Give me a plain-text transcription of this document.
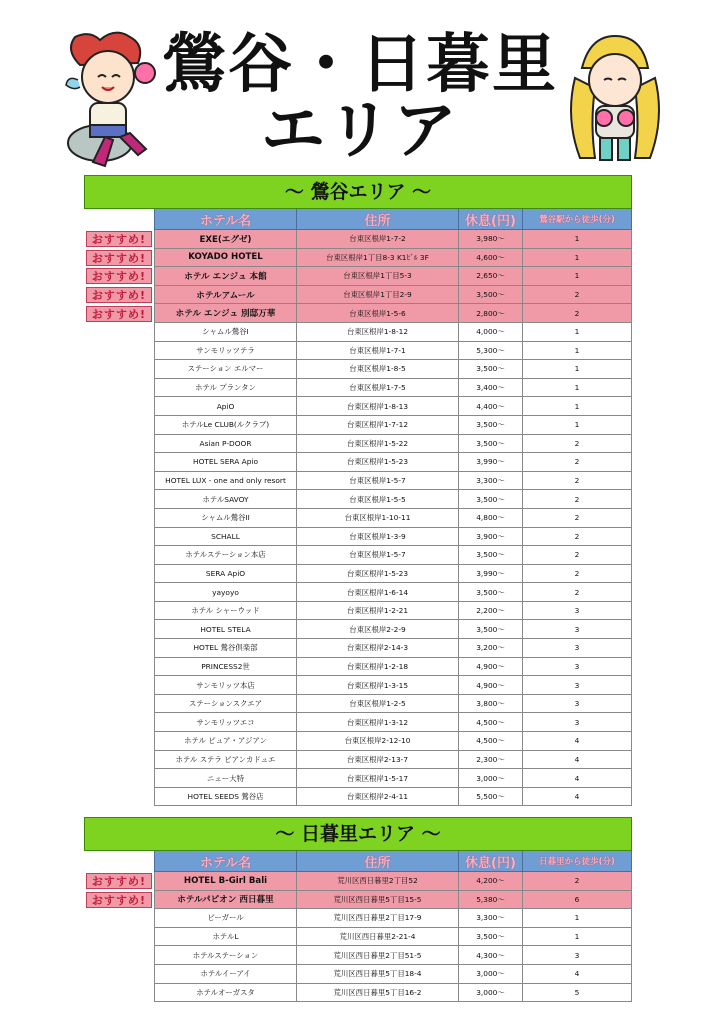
鶯谷・日暮里
エリア
～ 鶯谷エリア ～
ホテル名	住所	休息(円)	鶯谷駅から徒歩(分)
おすすめ!	EXE(エグゼ)	台東区根岸1-7-2	3,980～	1
おすすめ!	KOYADO HOTEL	台東区根岸1丁目8-3 K1ﾋﾞﾙ 3F	4,600～	1
おすすめ!	ホテル エンジュ 本館	台東区根岸1丁目5-3	2,650～	1
おすすめ!	ホテルアムール	台東区根岸1丁目2-9	3,500～	2
おすすめ!	ホテル エンジュ 別邸万華	台東区根岸1-5-6	2,800～	2
シャムル鶯谷I	台東区根岸1-8-12	4,000～	1
サンモリッツテラ	台東区根岸1-7-1	5,300～	1
ステーション エルマー	台東区根岸1-8-5	3,500～	1
ホテル プランタン	台東区根岸1-7-5	3,400～	1
ApiO	台東区根岸1-8-13	4,400～	1
ホテルLe CLUB(ルクラブ)	台東区根岸1-7-12	3,500～	1
Asian P-DOOR	台東区根岸1-5-22	3,500～	2
HOTEL SERA Apio	台東区根岸1-5-23	3,990～	2
HOTEL LUX - one and only resort	台東区根岸1-5-7	3,300～	2
ホテルSAVOY	台東区根岸1-5-5	3,500～	2
シャムル鶯谷II	台東区根岸1-10-11	4,800～	2
SCHALL	台東区根岸1-3-9	3,900～	2
ホテルステーション本店	台東区根岸1-5-7	3,500～	2
SERA ApiO	台東区根岸1-5-23	3,990～	2
yayoyo	台東区根岸1-6-14	3,500～	2
ホテル シャーウッド	台東区根岸1-2-21	2,200～	3
HOTEL STELA	台東区根岸2-2-9	3,500～	3
HOTEL 鶯谷倶楽部	台東区根岸2-14-3	3,200～	3
PRINCESS2世	台東区根岸1-2-18	4,900～	3
サンモリッツ本店	台東区根岸1-3-15	4,900～	3
ステーションスクエア	台東区根岸1-2-5	3,800～	3
サンモリッツエコ	台東区根岸1-3-12	4,500～	3
ホテル ピュア・アジアン	台東区根岸2-12-10	4,500～	4
ホテル ステラ ビアンカドュエ	台東区根岸2-13-7	2,300～	4
ニュー大特	台東区根岸1-5-17	3,000～	4
HOTEL SEEDS 鶯谷店	台東区根岸2-4-11	5,500～	4
～ 日暮里エリア ～
ホテル名	住所	休息(円)	日暮里から徒歩(分)
おすすめ!	HOTEL B-Girl Bali	荒川区西日暮里2丁目52	4,200～	2
おすすめ!	ホテルパピオン 西日暮里	荒川区西日暮里5丁目15-5	5,380～	6
ビーガール	荒川区西日暮里2丁目17-9	3,300～	1
ホテルL	荒川区西日暮里2-21-4	3,500～	1
ホテルステーション	荒川区西日暮里2丁目51-5	4,300～	3
ホテルイーアイ	荒川区西日暮里5丁目18-4	3,000～	4
ホテルオーガスタ	荒川区西日暮里5丁目16-2	3,000～	5
